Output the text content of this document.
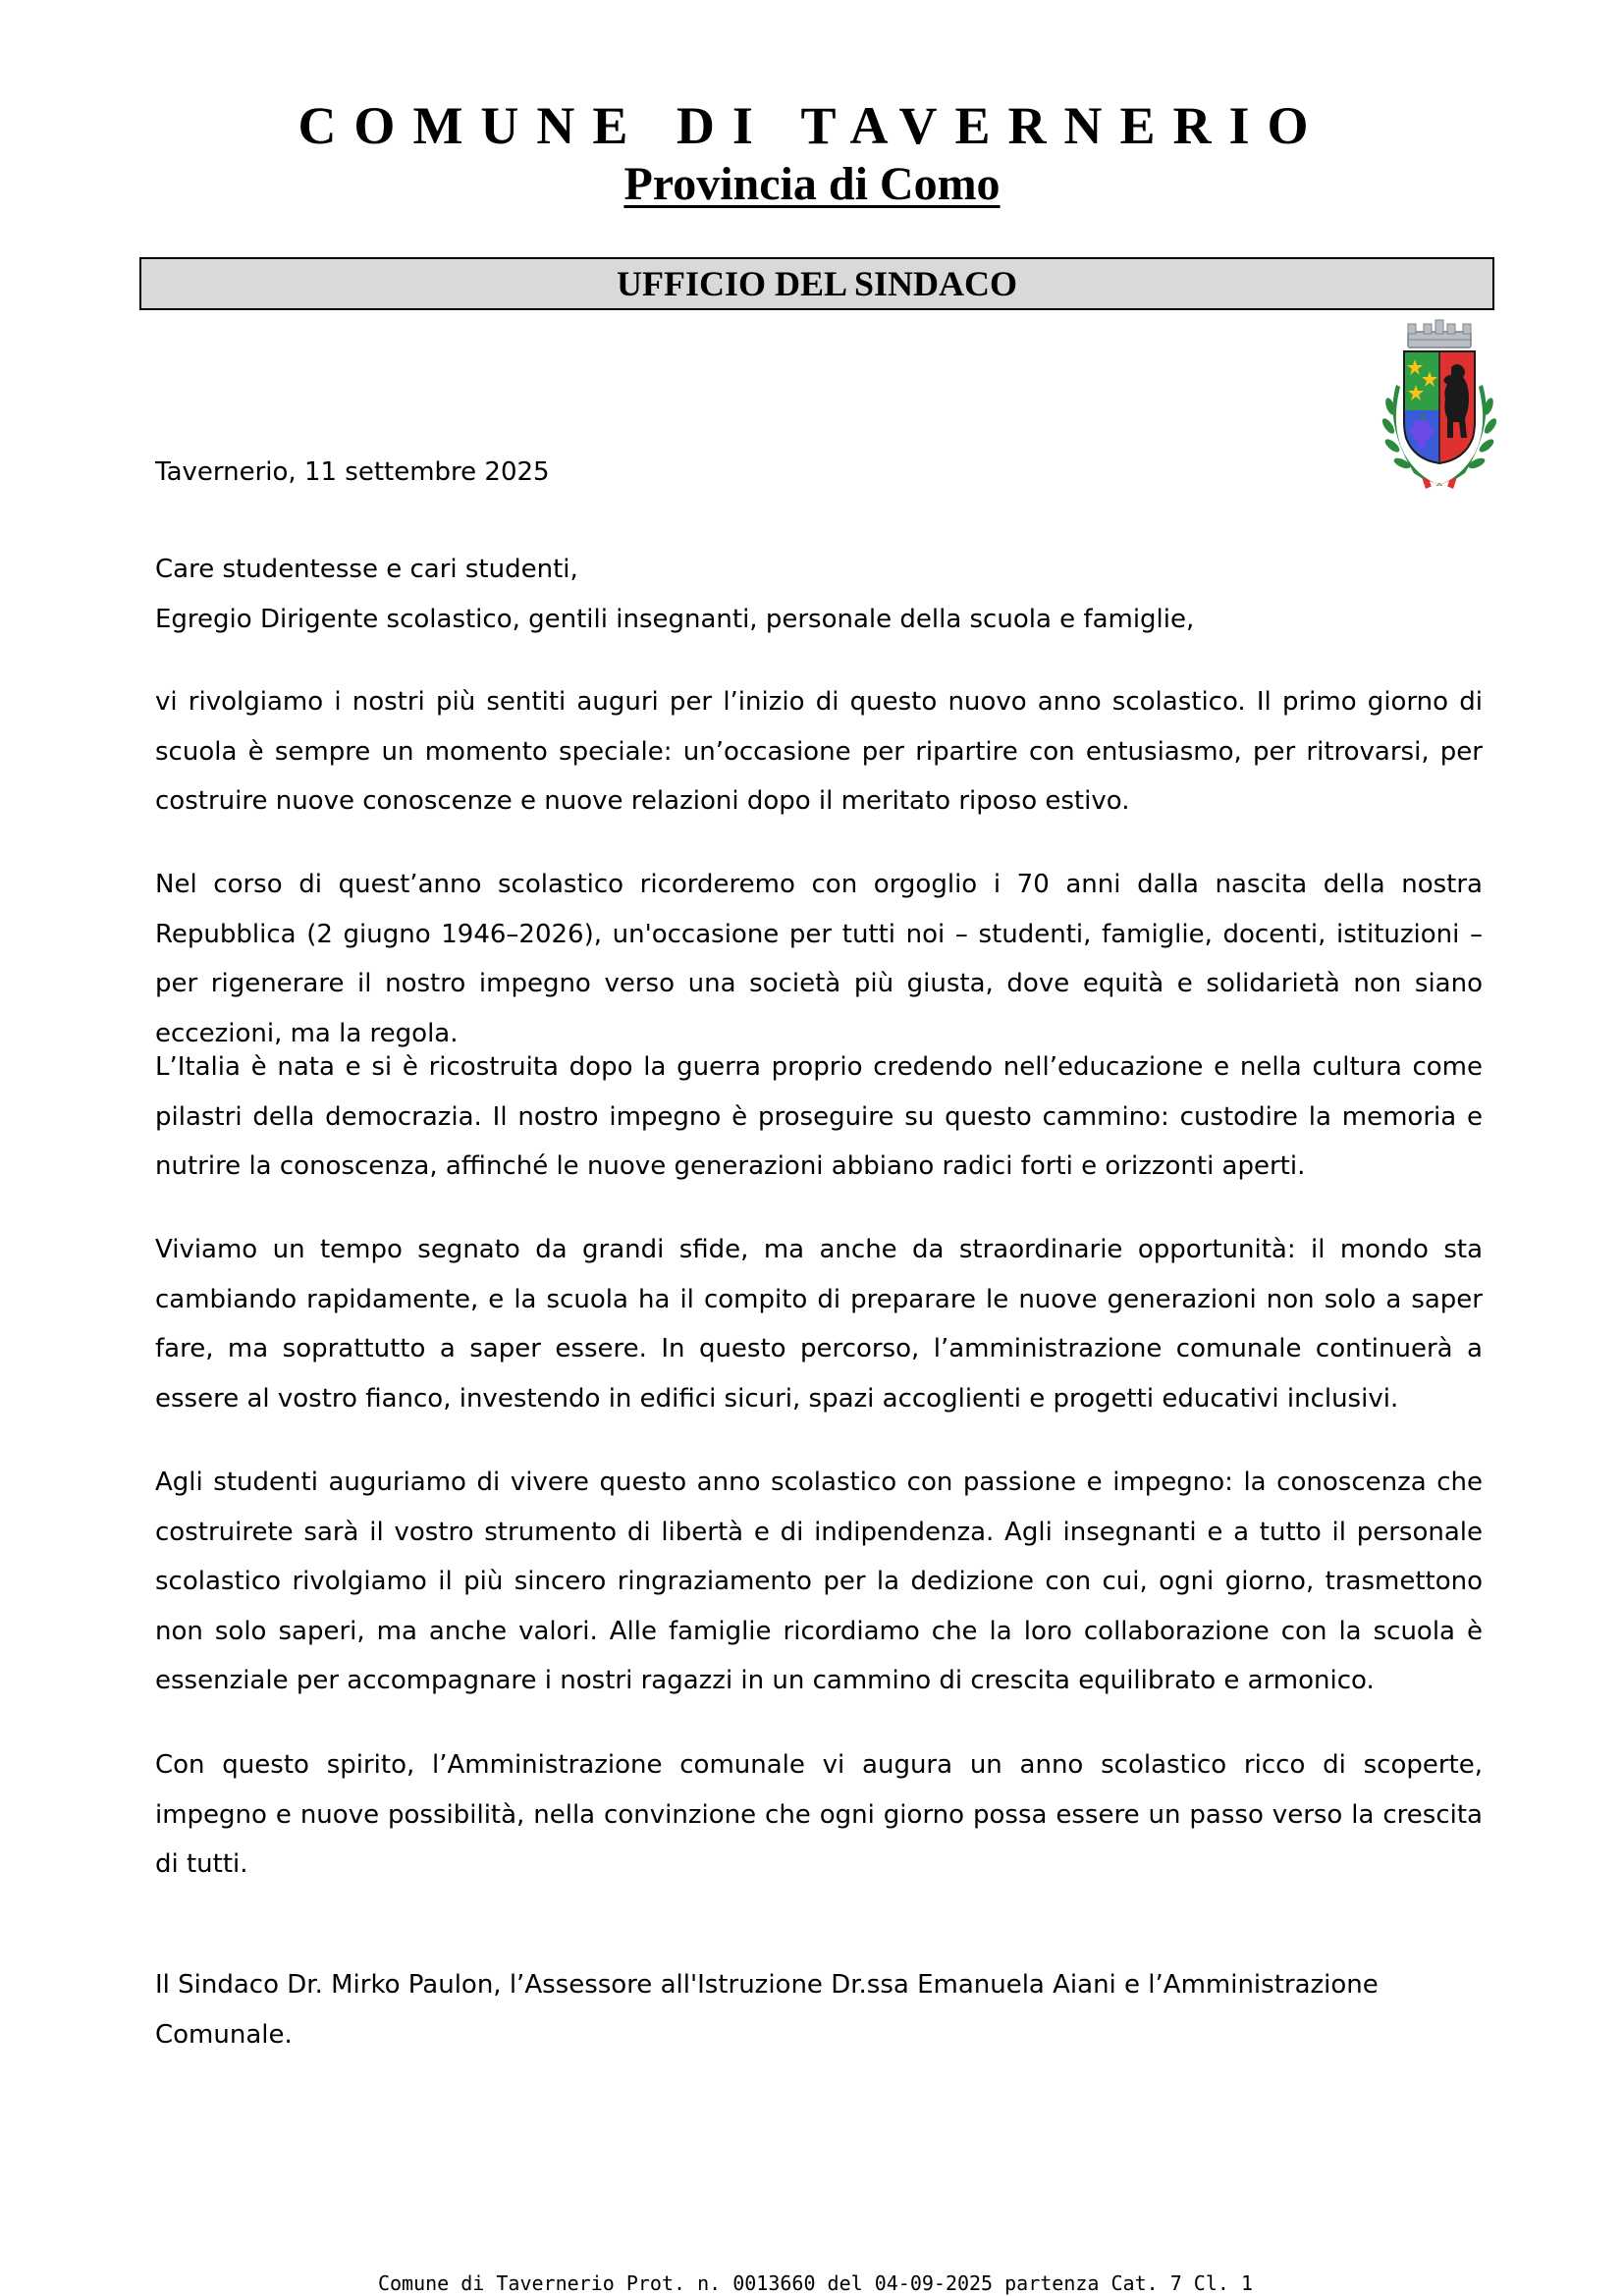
COMUNE DI TAVERNERIO
Provincia di Como
UFFICIO DEL SINDACO

Tavernerio, 11 settembre 2025

Care studentesse e cari studenti,

Egregio Dirigente scolastico, gentili insegnanti, personale della scuola e famiglie,

vi rivolgiamo i nostri più sentiti auguri per l’inizio di questo nuovo anno scolastico. Il primo giorno di scuola è sempre un momento speciale: un’occasione per ripartire con entusiasmo, per ritrovarsi, per costruire nuove conoscenze e nuove relazioni dopo il meritato riposo estivo.

Nel corso di quest’anno scolastico ricorderemo con orgoglio i 70 anni dalla nascita della nostra Repubblica (2 giugno 1946–2026), un'occasione per tutti noi – studenti, famiglie, docenti, istituzioni – per rigenerare il nostro impegno verso una società più giusta, dove equità e solidarietà non siano eccezioni, ma la regola.

L’Italia è nata e si è ricostruita dopo la guerra proprio credendo nell’educazione e nella cultura come pilastri della democrazia. Il nostro impegno è proseguire su questo cammino: custodire la memoria e nutrire la conoscenza, affinché le nuove generazioni abbiano radici forti e orizzonti aperti.

Viviamo un tempo segnato da grandi sfide, ma anche da straordinarie opportunità: il mondo sta cambiando rapidamente, e la scuola ha il compito di preparare le nuove generazioni non solo a saper fare, ma soprattutto a saper essere. In questo percorso, l’amministrazione comunale continuerà a essere al vostro fianco, investendo in edifici sicuri, spazi accoglienti e progetti educativi inclusivi.

Agli studenti auguriamo di vivere questo anno scolastico con passione e impegno: la conoscenza che costruirete sarà il vostro strumento di libertà e di indipendenza. Agli insegnanti e a tutto il personale scolastico rivolgiamo il più sincero ringraziamento per la dedizione con cui, ogni giorno, trasmettono non solo saperi, ma anche valori. Alle famiglie ricordiamo che la loro collaborazione con la scuola è essenziale per accompagnare i nostri ragazzi in un cammino di crescita equilibrato e armonico.

Con questo spirito, l’Amministrazione comunale vi augura un anno scolastico ricco di scoperte, impegno e nuove possibilità, nella convinzione che ogni giorno possa essere un passo verso la crescita di tutti.

Il Sindaco Dr. Mirko Paulon, l’Assessore all'Istruzione Dr.ssa Emanuela Aiani e l’Amministrazione Comunale.

Comune di Tavernerio Prot. n. 0013660 del 04-09-2025 partenza Cat. 7 Cl. 1
